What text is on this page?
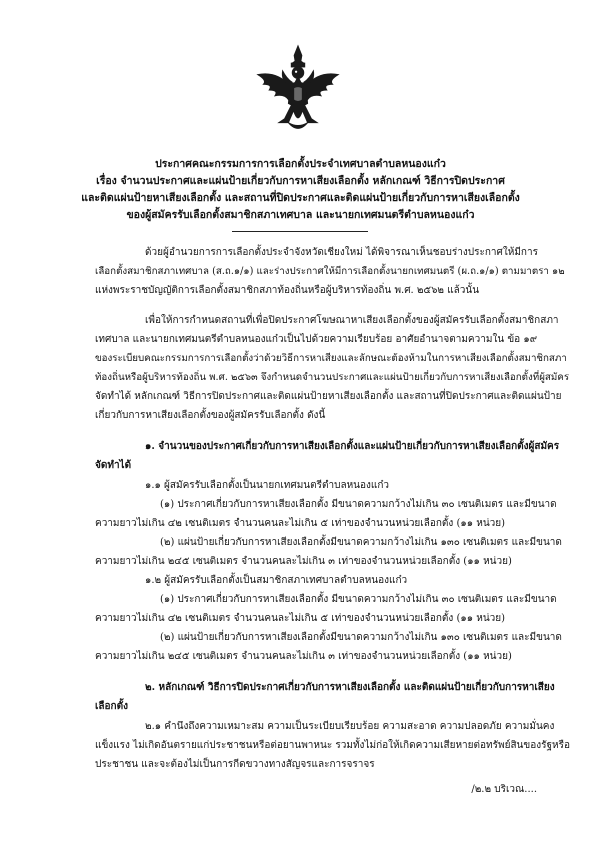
ประกาศคณะกรรมการการเลือกตั้งประจำเทศบาลตำบลหนองแก๋ว
เรื่อง จำนวนประกาศและแผ่นป้ายเกี่ยวกับการหาเสียงเลือกตั้ง หลักเกณฑ์ วิธีการปิดประกาศ
และติดแผ่นป้ายหาเสียงเลือกตั้ง และสถานที่ปิดประกาศและติดแผ่นป้ายเกี่ยวกับการหาเสียงเลือกตั้ง
ของผู้สมัครรับเลือกตั้งสมาชิกสภาเทศบาล และนายกเทศมนตรีตำบลหนองแก๋ว
ด้วยผู้อำนวยการการเลือกตั้งประจำจังหวัดเชียงใหม่ ได้พิจารณาเห็นชอบร่างประกาศให้มีการ
เลือกตั้งสมาชิกสภาเทศบาล (ส.ถ.๑/๑) และร่างประกาศให้มีการเลือกตั้งนายกเทศมนตรี (ผ.ถ.๑/๑) ตามมาตรา ๑๒
แห่งพระราชบัญญัติการเลือกตั้งสมาชิกสภาท้องถิ่นหรือผู้บริหารท้องถิ่น พ.ศ. ๒๕๖๒ แล้วนั้น
เพื่อให้การกำหนดสถานที่เพื่อปิดประกาศโฆษณาหาเสียงเลือกตั้งของผู้สมัครรับเลือกตั้งสมาชิกสภา
เทศบาล และนายกเทศมนตรีตำบลหนองแก๋วเป็นไปด้วยความเรียบร้อย อาศัยอำนาจตามความใน ข้อ ๑๙
ของระเบียบคณะกรรมการการเลือกตั้งว่าด้วยวิธีการหาเสียงและลักษณะต้องห้ามในการหาเสียงเลือกตั้งสมาชิกสภา
ท้องถิ่นหรือผู้บริหารท้องถิ่น พ.ศ. ๒๕๖๓ จึงกำหนดจำนวนประกาศและแผ่นป้ายเกี่ยวกับการหาเสียงเลือกตั้งที่ผู้สมัคร
จัดทำได้ หลักเกณฑ์ วิธีการปิดประกาศและติดแผ่นป้ายหาเสียงเลือกตั้ง และสถานที่ปิดประกาศและติดแผ่นป้าย
เกี่ยวกับการหาเสียงเลือกตั้งของผู้สมัครรับเลือกตั้ง ดังนี้
๑. จำนวนของประกาศเกี่ยวกับการหาเสียงเลือกตั้งและแผ่นป้ายเกี่ยวกับการหาเสียงเลือกตั้งผู้สมัคร
จัดทำได้
๑.๑ ผู้สมัครรับเลือกตั้งเป็นนายกเทศมนตรีตำบลหนองแก๋ว
(๑) ประกาศเกี่ยวกับการหาเสียงเลือกตั้ง มีขนาดความกว้างไม่เกิน ๓๐ เซนติเมตร และมีขนาด
ความยาวไม่เกิน ๔๒ เซนติเมตร จำนวนคนละไม่เกิน ๕ เท่าของจำนวนหน่วยเลือกตั้ง (๑๑ หน่วย)
(๒) แผ่นป้ายเกี่ยวกับการหาเสียงเลือกตั้งมีขนาดความกว้างไม่เกิน ๑๓๐ เซนติเมตร และมีขนาด
ความยาวไม่เกิน ๒๔๕ เซนติเมตร จำนวนคนละไม่เกิน ๓ เท่าของจำนวนหน่วยเลือกตั้ง (๑๑ หน่วย)
๑.๒ ผู้สมัครรับเลือกตั้งเป็นสมาชิกสภาเทศบาลตำบลหนองแก๋ว
(๑) ประกาศเกี่ยวกับการหาเสียงเลือกตั้ง มีขนาดความกว้างไม่เกิน ๓๐ เซนติเมตร และมีขนาด
ความยาวไม่เกิน ๔๒ เซนติเมตร จำนวนคนละไม่เกิน ๕ เท่าของจำนวนหน่วยเลือกตั้ง (๑๑ หน่วย)
(๒) แผ่นป้ายเกี่ยวกับการหาเสียงเลือกตั้งมีขนาดความกว้างไม่เกิน ๑๓๐ เซนติเมตร และมีขนาด
ความยาวไม่เกิน ๒๔๕ เซนติเมตร จำนวนคนละไม่เกิน ๓ เท่าของจำนวนหน่วยเลือกตั้ง (๑๑ หน่วย)
๒. หลักเกณฑ์ วิธีการปิดประกาศเกี่ยวกับการหาเสียงเลือกตั้ง และติดแผ่นป้ายเกี่ยวกับการหาเสียง
เลือกตั้ง
๒.๑ คำนึงถึงความเหมาะสม ความเป็นระเบียบเรียบร้อย ความสะอาด ความปลอดภัย ความมั่นคง
แข็งแรง ไม่เกิดอันตรายแก่ประชาชนหรือต่อยานพาหนะ รวมทั้งไม่ก่อให้เกิดความเสียหายต่อทรัพย์สินของรัฐหรือ
ประชาชน และจะต้องไม่เป็นการกีดขวางทางสัญจรและการจราจร
/๒.๒ บริเวณ....
